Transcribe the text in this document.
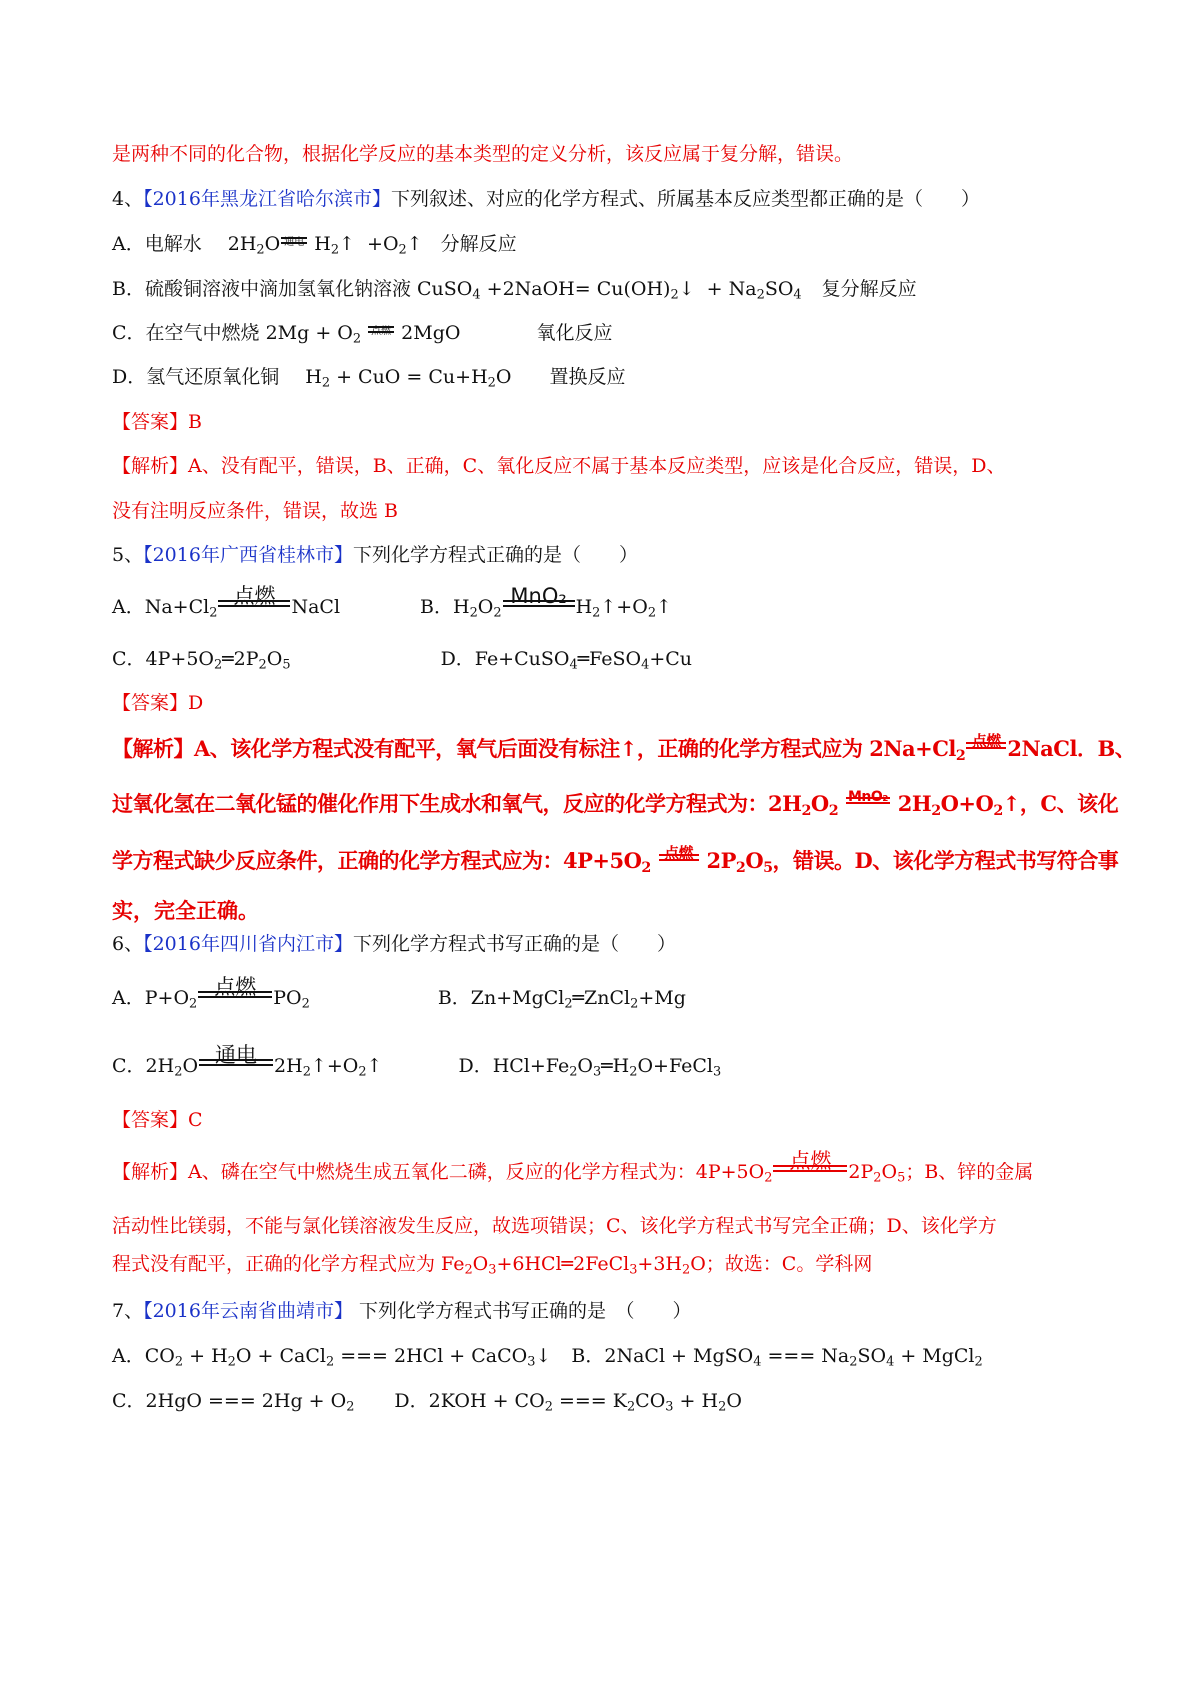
是两种不同的化合物，根据化学反应的基本类型的定义分析，该反应属于复分解，错误。
4、【2016年黑龙江省哈尔滨市】下列叙述、对应的化学方程式、所属基本反应类型都正确的是（　　）
A．电解水 $2H_2O$ 通电 $H_2↑$  $+O_2↑$ 分解反应
B．硫酸铜溶液中滴加氢氧化钠溶液 CuSO$_4$ +2NaOH= $Cu(OH)_2↓ + Na_2SO_4$ 复分解反应
C．在空气中燃烧 $2Mg + O_2$
点燃 2MgO	氧化反应
D．氢气还原氧化铜 $H_2$ + CuO = $Cu+H_2O$ 置换反应
【答案】B
【解析】A、没有配平，错误，B、正确，C、氧化反应不属于基本反应类型，应该是化合反应，错误，D、
没有注明反应条件，错误，故选 B
5、【2016年广西省桂林市】下列化学方程式正确的是（　　）
A．$Na+Cl_2$
点燃 NaCl	B．$H_2O_2$
MnO₂ $H_2↑+O_2↑$
C．$4P+5O_2═2P_2O_5$	D．Fe+CuSO$_4$═FeSO$_4$+Cu
【答案】D
【解析】A、该化学方程式没有配平，氧气后面没有标注↑，正确的化学方程式应为 $2Na+Cl_2$
点燃 2NaCl．B、
过氧化氢在二氧化锰的催化作用下生成水和氧气，反应的化学方程式为：$2H_2O_2$
MnO₂ $2H_2O+O_2↑$，C、该化
学方程式缺少反应条件，正确的化学方程式应为：$4P+5O_2$
点燃 $2P_2O_5$，错误。D、该化学方程式书写符合事
实，完全正确。
6、【2016年四川省内江市】下列化学方程式书写正确的是（　　）
A．$P+O_2$
点燃 $PO_2$	B．Zn+MgCl$_2$═ZnCl$_2$+Mg
C．$2H_2O$ 通电 $2H_2↑+O_2↑$	D．$HCl+Fe_2O_3═H_2O+FeCl_3$
【答案】C
【解析】A、磷在空气中燃烧生成五氧化二磷，反应的化学方程式为：$4P+5O_2$
点燃 $2P_2O_5$；B、锌的金属
活动性比镁弱，不能与氯化镁溶液发生反应，故选项错误；C、该化学方程式书写完全正确；D、该化学方
程式没有配平，正确的化学方程式应为 $Fe_2O_3+6HCl═2FeCl_3+3H_2O$；故选：C。学科网
7、【2016年云南省曲靖市】 下列化学方程式书写正确的是　（　　）
A．$CO_2 + H_2O$ + CaCl$_2$ === 2HCl + CaCO$_3$↓ B．2NaCl + MgSO$_4$ === $Na_2SO_4$ + MgCl$_2$
C．2HgO === $2Hg + O_2$ D．$2KOH + CO_2$ === $K_2CO_3 + H_2O$
